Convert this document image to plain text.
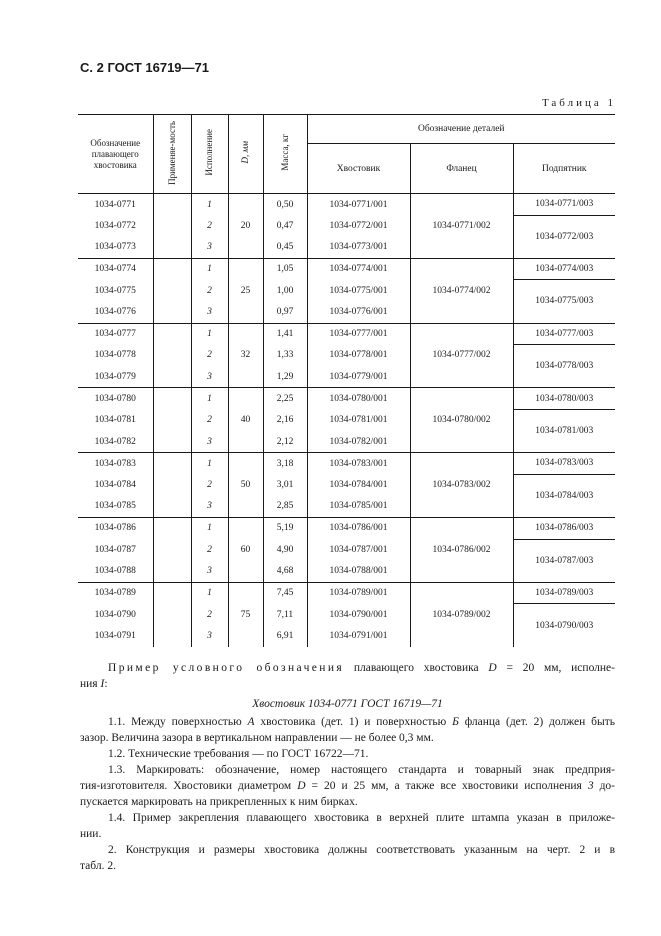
С. 2 ГОСТ 16719—71
Таблица 1
Обозначение плавающего хвостовика	Применяе-мость	Исполнение	D, мм	Масса, кг	Обозначение деталей		
					Хвостовик	Фланец	Подпятник
1034-0771		1	20	0,50	1034-0771/001	1034-0771/002	1034-0771/003
1034-0772		2		0,47	1034-0772/001		1034-0772/003
1034-0773		3		0,45	1034-0773/001		
1034-0774		1	25	1,05	1034-0774/001	1034-0774/002	1034-0774/003
1034-0775		2		1,00	1034-0775/001		1034-0775/003
1034-0776		3		0,97	1034-0776/001		
1034-0777		1	32	1,41	1034-0777/001	1034-0777/002	1034-0777/003
1034-0778		2		1,33	1034-0778/001		1034-0778/003
1034-0779		3		1,29	1034-0779/001		
1034-0780		1	40	2,25	1034-0780/001	1034-0780/002	1034-0780/003
1034-0781		2		2,16	1034-0781/001		1034-0781/003
1034-0782		3		2,12	1034-0782/001		
1034-0783		1	50	3,18	1034-0783/001	1034-0783/002	1034-0783/003
1034-0784		2		3,01	1034-0784/001		1034-0784/003
1034-0785		3		2,85	1034-0785/001		
1034-0786		1	60	5,19	1034-0786/001	1034-0786/002	1034-0786/003
1034-0787		2		4,90	1034-0787/001		1034-0787/003
1034-0788		3		4,68	1034-0788/001		
1034-0789		1	75	7,45	1034-0789/001	1034-0789/002	1034-0789/003
1034-0790		2		7,11	1034-0790/001		1034-0790/003
1034-0791		3		6,91	1034-0791/001		
Пример условного обозначения плавающего хвостовика D = 20 мм, исполне-
ния I:
Хвостовик 1034-0771 ГОСТ 16719—71
1.1. Между поверхностью А хвостовика (дет. 1) и поверхностью Б фланца (дет. 2) должен быть
зазор. Величина зазора в вертикальном направлении — не более 0,3 мм.
1.2. Технические требования — по ГОСТ 16722—71.
1.3. Маркировать: обозначение, номер настоящего стандарта и товарный знак предприя-
тия-изготовителя. Хвостовики диаметром D = 20 и 25 мм, а также все хвостовики исполнения 3 до-
пускается маркировать на прикрепленных к ним бирках.
1.4. Пример закрепления плавающего хвостовика в верхней плите штампа указан в приложе-
нии.
2. Конструкция и размеры хвостовика должны соответствовать указанным на черт. 2 и в
табл. 2.
